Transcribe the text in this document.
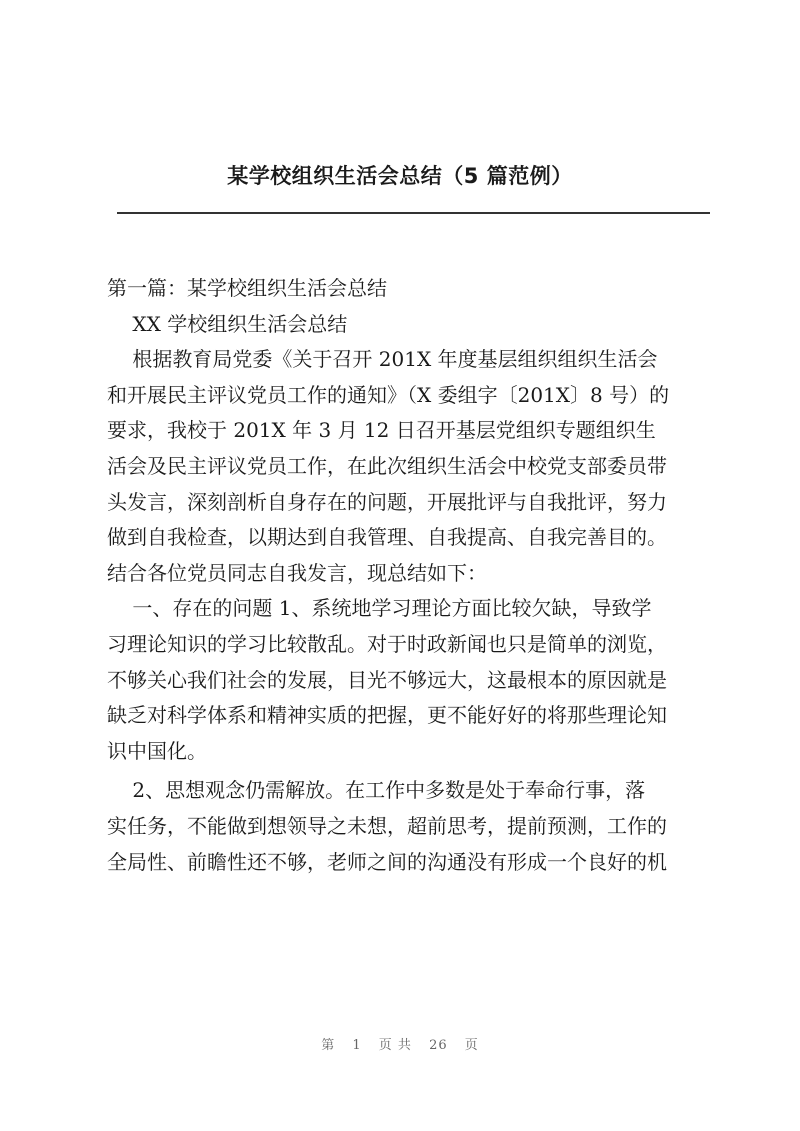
某学校组织生活会总结（5 篇范例）

第一篇：某学校组织生活会总结

XX 学校组织生活会总结

根据教育局党委《关于召开 201X 年度基层组织组织生活会

和开展民主评议党员工作的通知》（X 委组字〔201X〕8 号）的

要求，我校于 201X 年 3 月 12 日召开基层党组织专题组织生

活会及民主评议党员工作，在此次组织生活会中校党支部委员带

头发言，深刻剖析自身存在的问题，开展批评与自我批评，努力

做到自我检查，以期达到自我管理、自我提高、自我完善目的。

结合各位党员同志自我发言，现总结如下：

一、存在的问题 1、系统地学习理论方面比较欠缺，导致学

习理论知识的学习比较散乱。对于时政新闻也只是简单的浏览，

不够关心我们社会的发展，目光不够远大，这最根本的原因就是

缺乏对科学体系和精神实质的把握，更不能好好的将那些理论知

识中国化。

2、思想观念仍需解放。在工作中多数是处于奉命行事，落

实任务，不能做到想领导之未想，超前思考，提前预测，工作的

全局性、前瞻性还不够，老师之间的沟通没有形成一个良好的机

第 1 页 共 26 页
